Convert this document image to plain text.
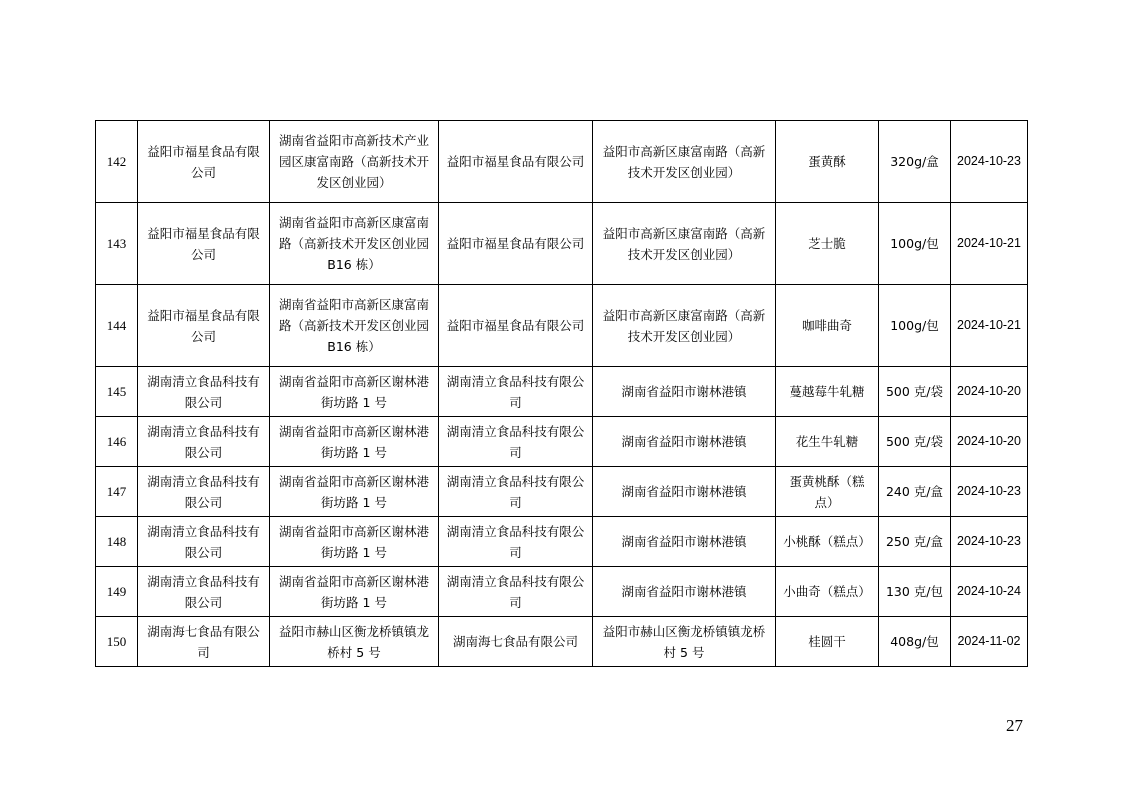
142	益阳市福星食品有限公司	湖南省益阳市高新技术产业园区康富南路（高新技术开发区创业园）	益阳市福星食品有限公司	益阳市高新区康富南路（高新技术开发区创业园）	蛋黄酥	320g/盒	2024-10-23
143	益阳市福星食品有限公司	湖南省益阳市高新区康富南路（高新技术开发区创业园 B16 栋）	益阳市福星食品有限公司	益阳市高新区康富南路（高新技术开发区创业园）	芝士脆	100g/包	2024-10-21
144	益阳市福星食品有限公司	湖南省益阳市高新区康富南路（高新技术开发区创业园 B16 栋）	益阳市福星食品有限公司	益阳市高新区康富南路（高新技术开发区创业园）	咖啡曲奇	100g/包	2024-10-21
145	湖南清立食品科技有限公司	湖南省益阳市高新区谢林港街坊路 1 号	湖南清立食品科技有限公司	湖南省益阳市谢林港镇	蔓越莓牛轧糖	500 克/袋	2024-10-20
146	湖南清立食品科技有限公司	湖南省益阳市高新区谢林港街坊路 1 号	湖南清立食品科技有限公司	湖南省益阳市谢林港镇	花生牛轧糖	500 克/袋	2024-10-20
147	湖南清立食品科技有限公司	湖南省益阳市高新区谢林港街坊路 1 号	湖南清立食品科技有限公司	湖南省益阳市谢林港镇	蛋黄桃酥（糕点）	240 克/盒	2024-10-23
148	湖南清立食品科技有限公司	湖南省益阳市高新区谢林港街坊路 1 号	湖南清立食品科技有限公司	湖南省益阳市谢林港镇	小桃酥（糕点）	250 克/盒	2024-10-23
149	湖南清立食品科技有限公司	湖南省益阳市高新区谢林港街坊路 1 号	湖南清立食品科技有限公司	湖南省益阳市谢林港镇	小曲奇（糕点）	130 克/包	2024-10-24
150	湖南海七食品有限公司	益阳市赫山区衡龙桥镇镇龙桥村 5 号	湖南海七食品有限公司	益阳市赫山区衡龙桥镇镇龙桥村 5 号	桂圆干	408g/包	2024-11-02
27
